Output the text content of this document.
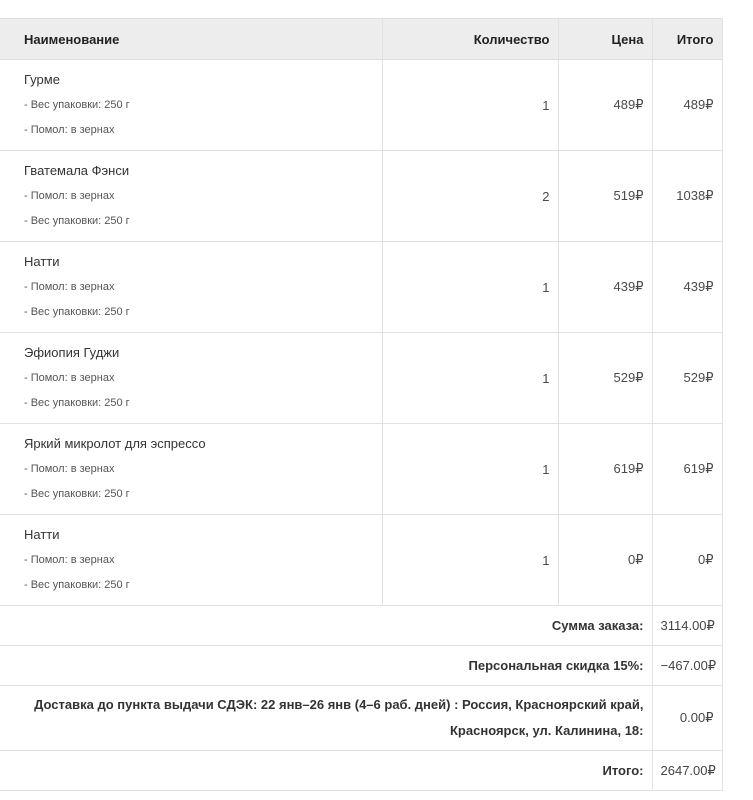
Наименование	Количество	Цена	Итого

Гурме
- Вес упаковки: 250 г
- Помол: в зернах	1	489₽	489₽

Гватемала Фэнси
- Помол: в зернах
- Вес упаковки: 250 г	2	519₽	1038₽

Натти
- Помол: в зернах
- Вес упаковки: 250 г	1	439₽	439₽

Эфиопия Гуджи
- Помол: в зернах
- Вес упаковки: 250 г	1	529₽	529₽

Яркий микролот для эспрессо
- Помол: в зернах
- Вес упаковки: 250 г	1	619₽	619₽

Натти
- Помол: в зернах
- Вес упаковки: 250 г	1	0₽	0₽
Сумма заказа:			3114.00₽
Персональная скидка 15%:			−467.00₽

Доставка до пункта выдачи СДЭК: 22 янв–26 янв (4–6 раб. дней) : Россия, Красноярский край,
Красноярск, ул. Калинина, 18:			0.00₽
Итого:			2647.00₽
